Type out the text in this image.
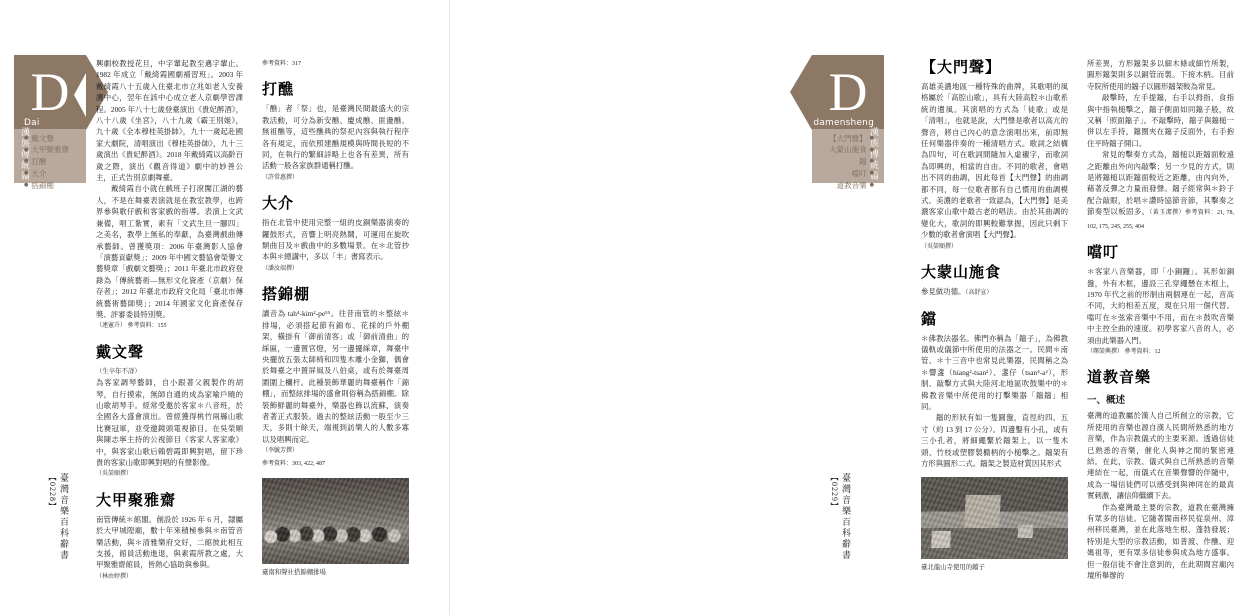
D
漢族傳統篇
Dai
● 戴文聲
● 大甲聚雅齋
● 打醮
● 大介
● 搭錦棚

興劇校教授花旦，中字輩起教至邁字輩止。1982 年成立「戴綺霞國劇補習班」。2003 年戴綺霞八十五歲入住臺北市立兆如老人安養護中心，翌年在該中心成立老人京劇學習課程。2005 年八十七歲登臺演出《貴妃醉酒》，八十八歲《坐宮》，八十九歲《霸王別姬》，九十歲《全本穆桂英掛帥》，九十一歲起赴國家大劇院，清唱演出《穆桂英掛帥》，九十三歲演出《貴妃醉酒》。2018 年戴綺霞以高齡百歲之際，演出《觀音得道》劇中的妙善公主，正式告別京劇舞臺。

戴綺霞自小就在戲班子打滾闖江湖的藝人，不是在舞臺表演就是在教室教學，也跨界參與歌仔戲和客家戲的指導。表演上文武兼備，唱工紮實，素有「文武生旦一腳四」之美名，教學上無私的奉獻，為臺灣戲曲傳承藝師。曾獲獎項：2006 年臺灣影人協會「演藝貢獻獎」；2009 年中國文藝協會榮譽文藝獎章「戲劇文藝獎」；2011 年臺北市政府登錄為「傳統藝術—無形文化資產（京劇）保存者」；2012 年臺北市政府文化局「臺北市傳統藝術藝師獎」；2014 年國家文化資產保存獎、評審委員特別獎。

（連憲升） 參考資料：155
戴文聲

（生卒年不詳）

為客家調琴藝師，自小跟著父親製作的胡琴，自行摸索，無師自通的成為家喻戶曉的山歌胡琴手。經常受邀於客家＊八音班，於全國各大盛會演出。曾經獲得桃竹兩縣山歌比賽冠軍，並受邀鏡頭電視節目。在吳榮順與陳志寧主持的公視節目《客家人客家歌》中，與客家山歌后賴碧霞即興對唱，留下珍貴的客家山歌即興對唱的有聲影像。

（吳榮順撰）
大甲聚雅齋

南管傳統＊館閣。創設於 1926 年 6 月，隸屬於大甲城隍廟，數十年來積極參與＊南管音樂活動，與＊清雅樂府交好，二館彼此相互支援，館員活動進退，與素霞所教之處，大甲聚雅齋館員，皆熱心協助與參與。

（林由婷撰）
參考資料：317
打醮

「醮」者「祭」也，是臺灣民間最盛大的宗教活動，可分為新安醮、慶成醮、匪盪醮、無祖醮等，這些醮典的祭祀內容與執行程序各有規定，而依照建醮規模與時間長短的不同，在執行的繁細詳略上也各有差異，所有活動一般各家族群通稱打醮。

（許常惠撰）
大介

指在北管中使用完整一組的皮銅樂器演奏的鑼鼓形式，音響上明亮熱鬧，可運用在旋吹類曲目及＊戲曲中的多數場景。在＊北管抄本與＊總講中，多以「丰」書寫表示。

（潘汝端撰）
搭錦棚

讀音為 tah⁴-kim²-pe⁵⁵。往昔南管的＊整絃＊排場，必須搭起節有錦布、花採的戶外棚架，橫掛有「御前清客」或「御前清曲」的綵匾，一邊置宮燈，另一邊擺綵章，舞臺中央擺放五張太師椅和四隻木雕小金獅，偶會於舞臺之中置屏風及八伯桌，或有於舞臺周圍圍上欄杆。此種裝飾華麗的舞臺稱作「錦棚」，而整絃排場的盛會則俗稱為搭錦棚。除裝飾鮮麗的舞臺外，樂器也飾以流蘇，演奏者著正式服裝。過去的整絃活動一般至少三天，多則十餘天，端視到訪樂人的人數多寡以及唱興而定。

（李毓芳撰）
參考資料：303, 422, 487
臺南和聲社搭錦棚排場
臺灣音樂百科辭書 【0228】
【大門聲】

高雄美濃地區一種特殊的曲牌，其歌唱的風格屬於「高腔山歌」，具有大陸高腔＊山歌系統的遺風。其演唱的方式為「徒歌」或是「清唱」，也就是說，大門聲是歌者以高亢的聲音，將自己內心的意念演唱出來，前即無任何樂器伴奏的一種清唱方式。歌詞之結構為四句，可在歌詞間隨加入虛襯字，而歌詞為即興的，相當的自由。不同的歌者，會唱出不同的曲調，因此每首【大門聲】的曲調都不同，每一位歌者都有自己慣用的曲調模式。美濃的老歌者一致認為，【大門聲】是美濃客家山歌中最古老的唱法。由於其曲調的變化大，歌詞的即興較難掌握，因此只剩下少數的歌者會演唱【大門聲】。

（吳榮順撰）
大蒙山施食

參見做功德。（高舒宣）

鐺

＊佛教法器名。佛門亦稱為「鐺子」，為佛教儀軌或儀節中所使用的法器之一。民間＊南管、＊十三音中也常見此樂器，民間稱之為＊響盞（hiang²-tsan²）、盞仔（tsan⁴-a²），形制、敲擊方式與大陸河北地區吹鼓樂中的＊佛教音樂中所使用的打擊樂器「鐺鐺」相同。

鐺的形狀有如一隻圓盤，直徑約四、五寸（約 13 到 17 公分）。四邊鑿有小孔，或有三小孔者，將細繩繫於鐺架上，以一隻木頭、竹枝或塑膠製橢柄的小槌擊之。鐺架有方形與圓形二式。鐺架之製造材質因其形式

臺北龍山寺使用的鐺子

所差異，方形鐺架多以細木條或細竹所製，圓形鐺架則多以銅管而製。下接木柄。目前寺院所使用的鐺子以圓形鐺架較為常見。

敲擊時，左手提鐺，右手以拇指、食指與中指執槌擊之，鐺子側面如同鐺子般，故又稱「照面鐺子」。不敲擊時，鐺子與鐺槌一併以左手持，鐺圈夾在鐺子反面外，右手抱住平時鐺子開口。

常見的擊奏方式為，鐺槌以距鐺面較遠之距離由外向內敲擊；另一少見的方式，則是將鐺槌以距鐺面較近之距離，由內向外，藉著反彈之力量而發聲。鐺子經常與＊鈴子配合敲眼，於唱＊讚時協節音節，其擊奏之節奏型以板固多。（黃玉潔撰）參考資料：21, 78, 102, 175, 245, 255, 404

噹叮

＊客家八音樂器，即「小銅鑼」。其形如銅盤，外有木框，邊設三孔穿繩懸在木框上，1970 年代之前的形制由兩個連在一起，音高不同，大約相差五度，現在只用一個代替。噹叮在＊弦索音樂中不用，而在＊鼓吹音樂中主控全曲的速度。初學客家八音的人，必須由此樂器入門。

（鄭榮興撰） 參考資料：12
道教音樂
一、概述

臺灣的道教屬於漢人自己所創立的宗教，它所使用的音樂也源自漢人民間所熟悉的地方音樂，作為宗教儀式的主要來源。透過信徒已熟悉的音樂，催化人與神之間的緊密連結。在此，宗教、儀式與自己所熟悉的音樂連結在一起，而儀式在音樂聲響的伴隨中，成為一場信徒們可以感受到與神同在的最真實刺激，讓信仰繼續下去。

作為臺灣最主要的宗教，道教在臺灣擁有眾多的信徒。它隨著閩南移民從泉州、漳州移民臺灣，並在此落地生根、蓬勃發展；特別是大型的宗教活動，如普渡、作醮、迎媽祖等，更有眾多信徒參與成為地方盛事。但一般信徒不會注意到的，在此期間宮廟內壇所舉辦的

D
漢族傳統篇
damensheng
【大門聲】 ●
大蒙山施食 ●
鐺 ●
噹叮 ●
道教音樂 ●
臺灣音樂百科辭書 【0229】
